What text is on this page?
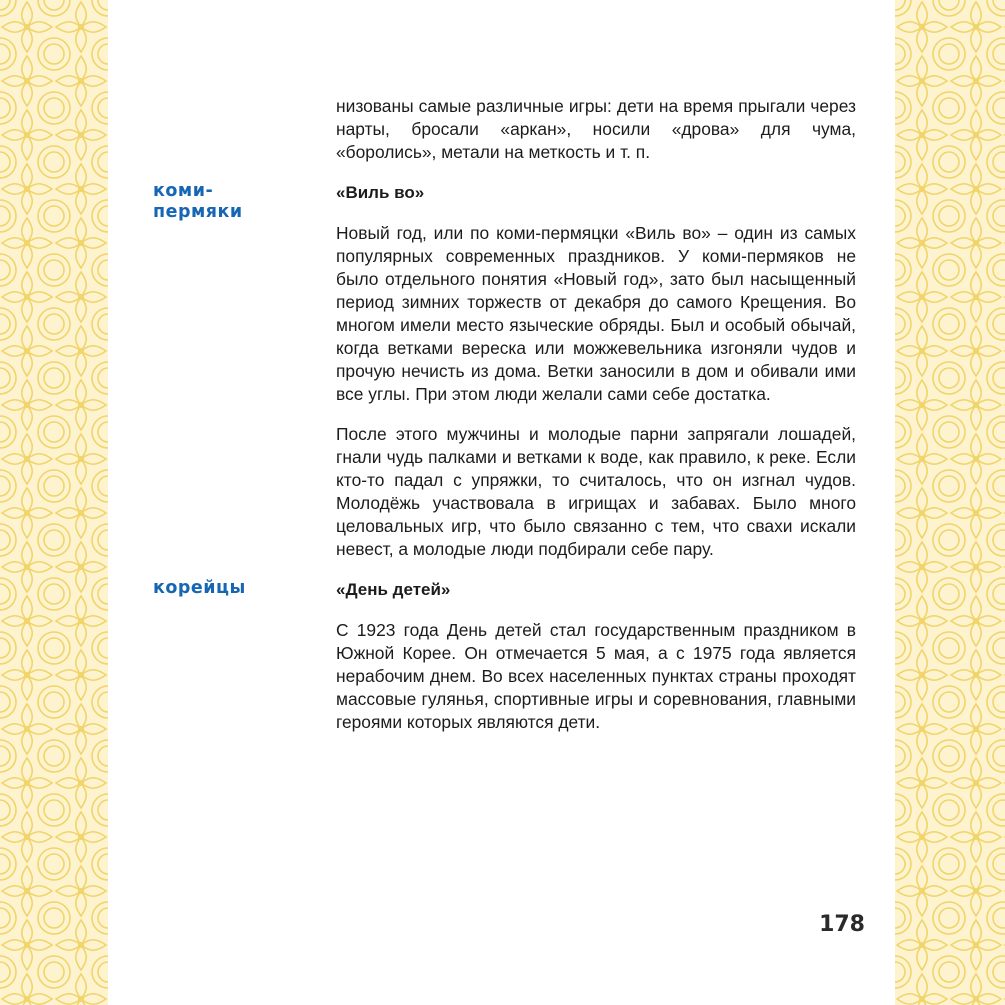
низованы самые различные игры: дети на время прыгали через нарты, бросали «аркан», носили «дрова» для чума, «боролись», метали на меткость и т. п.

коми-
пермяки

«Виль во»

Новый год, или по коми-пермяцки «Виль во» – один из самых популярных современных праздников. У коми-пермяков не было отдельного понятия «Новый год», зато был насыщенный период зимних торжеств от декабря до самого Крещения. Во многом имели место языческие обряды. Был и особый обычай, когда ветками вереска или можжевельника изгоняли чудов и прочую нечисть из дома. Ветки заносили в дом и обивали ими все углы. При этом люди желали сами себе достатка.

После этого мужчины и молодые парни запрягали лошадей, гнали чудь палками и ветками к воде, как правило, к реке. Если кто-то падал с упряжки, то считалось, что он изгнал чудов. Молодёжь участвовала в игрищах и забавах. Было много целовальных игр, что было связанно с тем, что свахи искали невест, а молодые люди подбирали себе пару.

корейцы	«День детей»

С 1923 года День детей стал государственным праздником в Южной Корее. Он отмечается 5 мая, а с 1975 года является нерабочим днем. Во всех населенных пунктах страны проходят массовые гулянья, спортивные игры и соревнования, главными героями которых являются дети.

178
